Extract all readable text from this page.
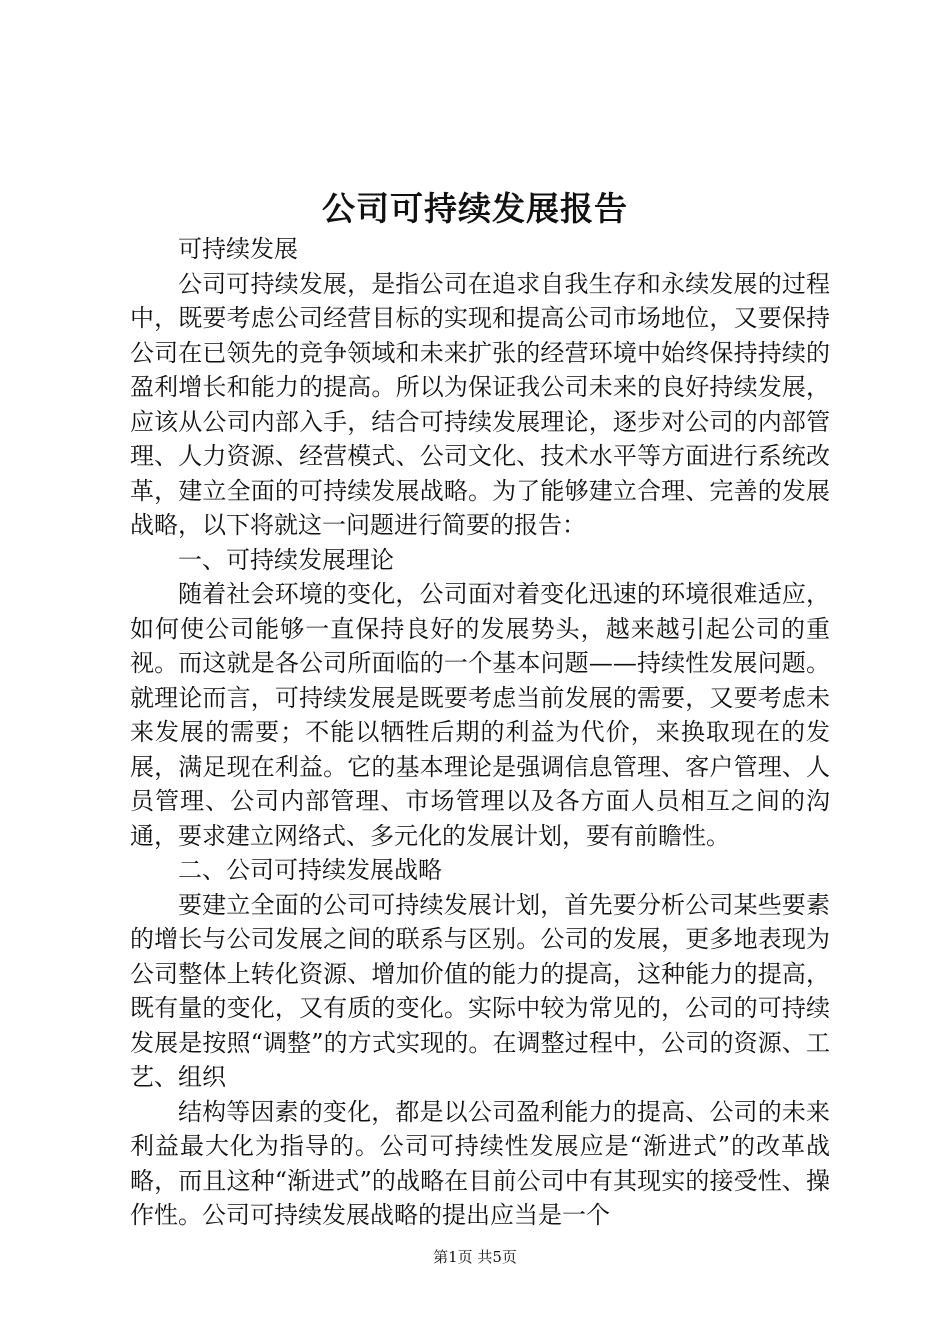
公司可持续发展报告

可持续发展

公司可持续发展，是指公司在追求自我生存和永续发展的过程中，既要考虑公司经营目标的实现和提高公司市场地位，又要保持公司在已领先的竞争领域和未来扩张的经营环境中始终保持持续的盈利增长和能力的提高。所以为保证我公司未来的良好持续发展，应该从公司内部入手，结合可持续发展理论，逐步对公司的内部管理、人力资源、经营模式、公司文化、技术水平等方面进行系统改革，建立全面的可持续发展战略。为了能够建立合理、完善的发展战略，以下将就这一问题进行简要的报告：

一、可持续发展理论

随着社会环境的变化，公司面对着变化迅速的环境很难适应，如何使公司能够一直保持良好的发展势头，越来越引起公司的重视。而这就是各公司所面临的一个基本问题——持续性发展问题。就理论而言，可持续发展是既要考虑当前发展的需要，又要考虑未来发展的需要；不能以牺牲后期的利益为代价，来换取现在的发展，满足现在利益。它的基本理论是强调信息管理、客户管理、人员管理、公司内部管理、市场管理以及各方面人员相互之间的沟通，要求建立网络式、多元化的发展计划，要有前瞻性。

二、公司可持续发展战略

要建立全面的公司可持续发展计划，首先要分析公司某些要素的增长与公司发展之间的联系与区别。公司的发展，更多地表现为公司整体上转化资源、增加价值的能力的提高，这种能力的提高，既有量的变化，又有质的变化。实际中较为常见的，公司的可持续发展是按照“调整”的方式实现的。在调整过程中，公司的资源、工艺、组织

结构等因素的变化，都是以公司盈利能力的提高、公司的未来利益最大化为指导的。公司可持续性发展应是“渐进式”的改革战略，而且这种“渐进式”的战略在目前公司中有其现实的接受性、操作性。公司可持续发展战略的提出应当是一个

第1页 共5页
